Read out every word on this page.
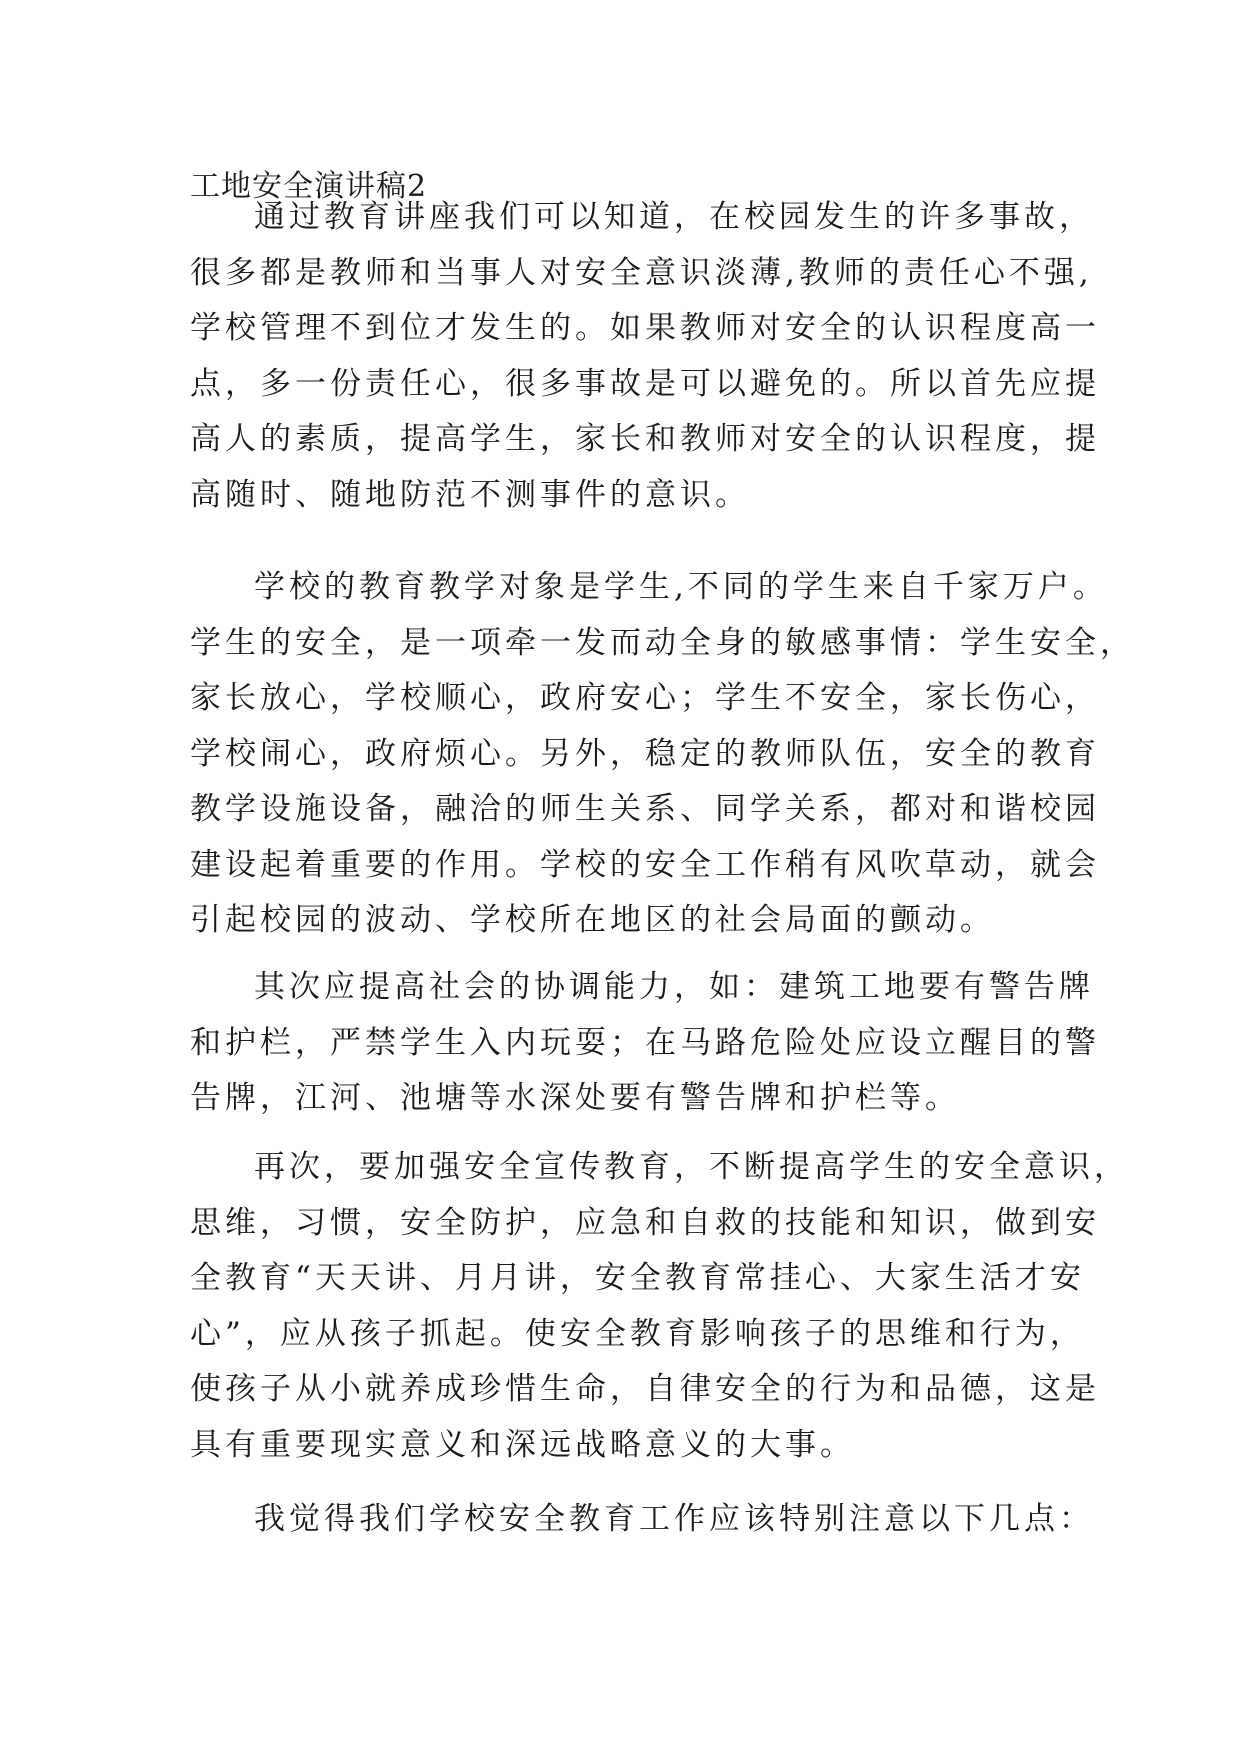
工地安全演讲稿2
通过教育讲座我们可以知道，在校园发生的许多事故，
很多都是教师和当事人对安全意识淡薄,教师的责任心不强,
学校管理不到位才发生的。如果教师对安全的认识程度高一
点，多一份责任心，很多事故是可以避免的。所以首先应提
高人的素质，提高学生，家长和教师对安全的认识程度，提
高随时、随地防范不测事件的意识。
学校的教育教学对象是学生,不同的学生来自千家万户。
学生的安全，是一项牵一发而动全身的敏感事情：学生安全，
家长放心，学校顺心，政府安心；学生不安全，家长伤心，
学校闹心，政府烦心。另外，稳定的教师队伍，安全的教育
教学设施设备，融洽的师生关系、同学关系，都对和谐校园
建设起着重要的作用。学校的安全工作稍有风吹草动，就会
引起校园的波动、学校所在地区的社会局面的颤动。
其次应提高社会的协调能力，如：建筑工地要有警告牌
和护栏，严禁学生入内玩耍；在马路危险处应设立醒目的警
告牌，江河、池塘等水深处要有警告牌和护栏等。
再次，要加强安全宣传教育，不断提高学生的安全意识，
思维，习惯，安全防护，应急和自救的技能和知识，做到安
全教育“天天讲、月月讲，安全教育常挂心、大家生活才安
心”，应从孩子抓起。使安全教育影响孩子的思维和行为，
使孩子从小就养成珍惜生命，自律安全的行为和品德，这是
具有重要现实意义和深远战略意义的大事。
我觉得我们学校安全教育工作应该特别注意以下几点：
